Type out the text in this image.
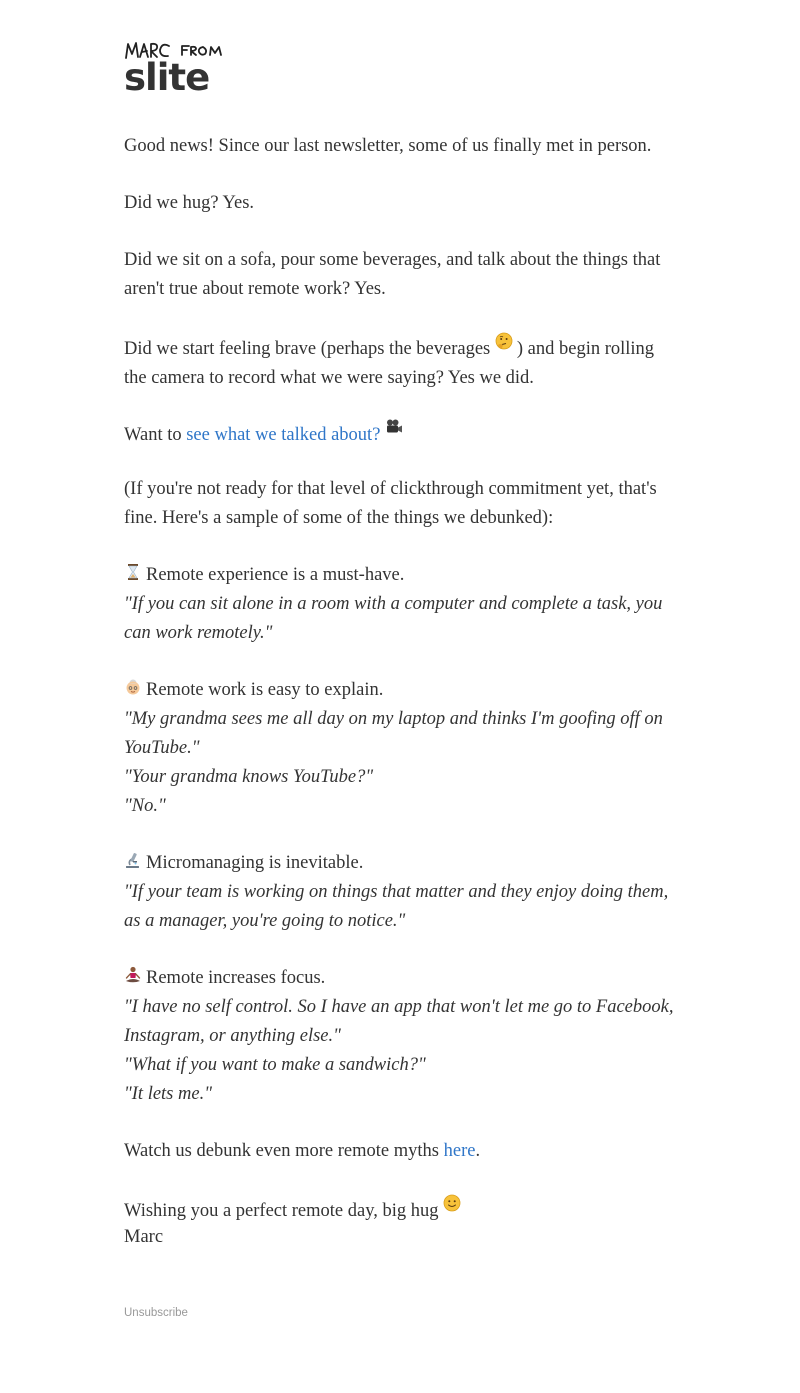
slite

Good news! Since our last newsletter, some of us finally met in person.

Did we hug? Yes.

Did we sit on a sofa, pour some beverages, and talk about the things that aren't true about remote work? Yes.

Did we start feeling brave (perhaps the beverages
) and begin rolling the camera to record what we were saying? Yes we did.

Want to see what we talked about?

(If you're not ready for that level of clickthrough commitment yet, that's fine. Here's a sample of some of the things we debunked):

Remote experience is a must-have.

"If you can sit alone in a room with a computer and complete a task, you can work remotely."

Remote work is easy to explain.

"My grandma sees me all day on my laptop and thinks I'm goofing off on YouTube."

"Your grandma knows YouTube?"

"No."

Micromanaging is inevitable.

"If your team is working on things that matter and they enjoy doing them, as a manager, you're going to notice."

Remote increases focus.

"I have no self control. So I have an app that won't let me go to Facebook, Instagram, or anything else."

"What if you want to make a sandwich?"

"It lets me."

Watch us debunk even more remote myths here.

Wishing you a perfect remote day, big hug

Marc

Unsubscribe
